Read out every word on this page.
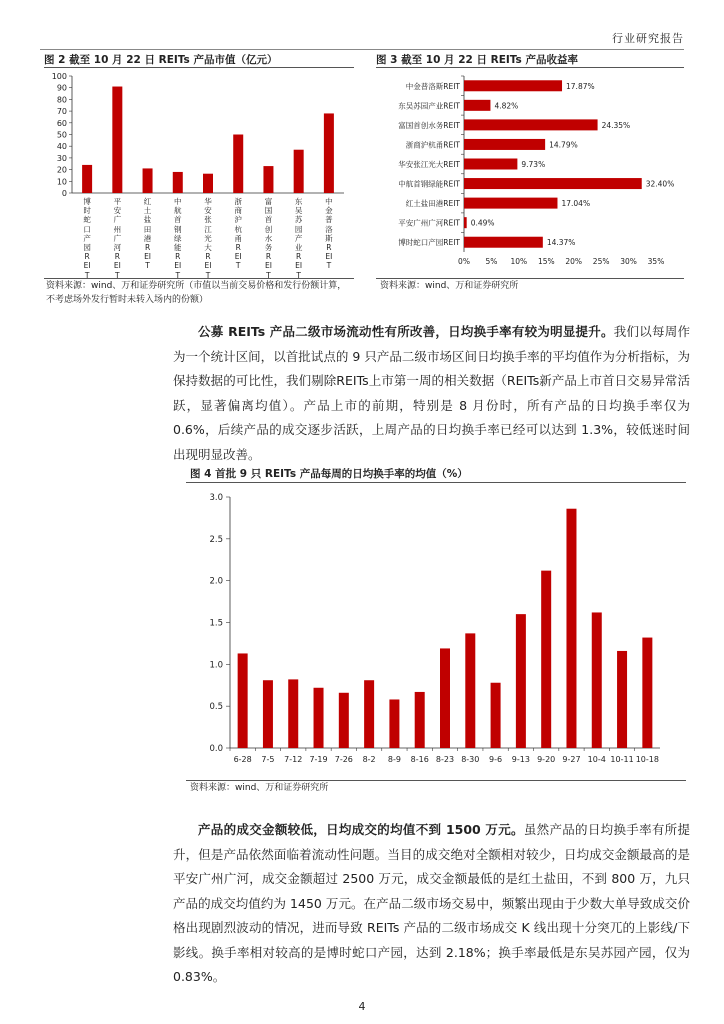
行业研究报告
图 2 截至 10 月 22 日 REITs 产品市值（亿元）
0
10
20
30
40
50
60
70
80
90
100
资料来源：wind、万和证券研究所（市值以当前交易价格和发行份额计算，不考虑场外发行暂时未转入场内的份额）
图 3 截至 10 月 22 日 REITs 产品收益率
中金普洛斯REIT	17.87%
东吴苏园产业REIT	4.82%
富国首创水务REIT	24.35%
浙商沪杭甬REIT	14.79%
华安张江光大REIT	9.73%
中航首钢绿能REIT	32.40%
红土盐田港REIT	17.04%
平安广州广河REIT 0.49%
博时蛇口产园REIT	14.37%
0% 5% 10% 15% 20% 25% 30% 35%
资料来源：wind、万和证券研究所

公募 REITs 产品二级市场流动性有所改善，日均换手率有较为明显提升。我们以每周作为一个统计区间，以首批试点的 9 只产品二级市场区间日均换手率的平均值作为分析指标，为保持数据的可比性，我们剔除REITs上市第一周的相关数据（REITs新产品上市首日交易异常活跃，显著偏离均值）。产品上市的前期，特别是 8 月份时，所有产品的日均换手率仅为 0.6%，后续产品的成交逐步活跃，上周产品的日均换手率已经可以达到 1.3%，较低迷时间出现明显改善。

图 4 首批 9 只 REITs 产品每周的日均换手率的均值（%）
0.0
0.5
1.0
1.5
2.0
2.5
3.0
6-28 7-5 7-12 7-19 7-26 8-2 8-9 8-16 8-23 8-30 9-6 9-13 9-20 9-27 10-4 10-11 10-18
资料来源：wind、万和证券研究所

产品的成交金额较低，日均成交的均值不到 1500 万元。虽然产品的日均换手率有所提升，但是产品依然面临着流动性问题。当目的成交绝对全额相对较少，日均成交金额最高的是平安广州广河，成交金额超过 2500 万元，成交金额最低的是红土盐田，不到 800 万，九只产品的成交均值约为 1450 万元。在产品二级市场交易中，频繁出现由于少数大单导致成交价格出现剧烈波动的情况，进而导致 REITs 产品的二级市场成交 K 线出现十分突兀的上影线/下影线。换手率相对较高的是博时蛇口产园，达到 2.18%；换手率最低是东吴苏园产园，仅为 0.83%。

4
博时蛇口产园REIT
平安广州广河REIT
红土盐田港REIT
中航首钢绿能REIT
华安张江光大REIT
浙商沪杭甬REIT
富国首创水务REIT
东吴苏园产业REIT
中金普洛斯REIT
